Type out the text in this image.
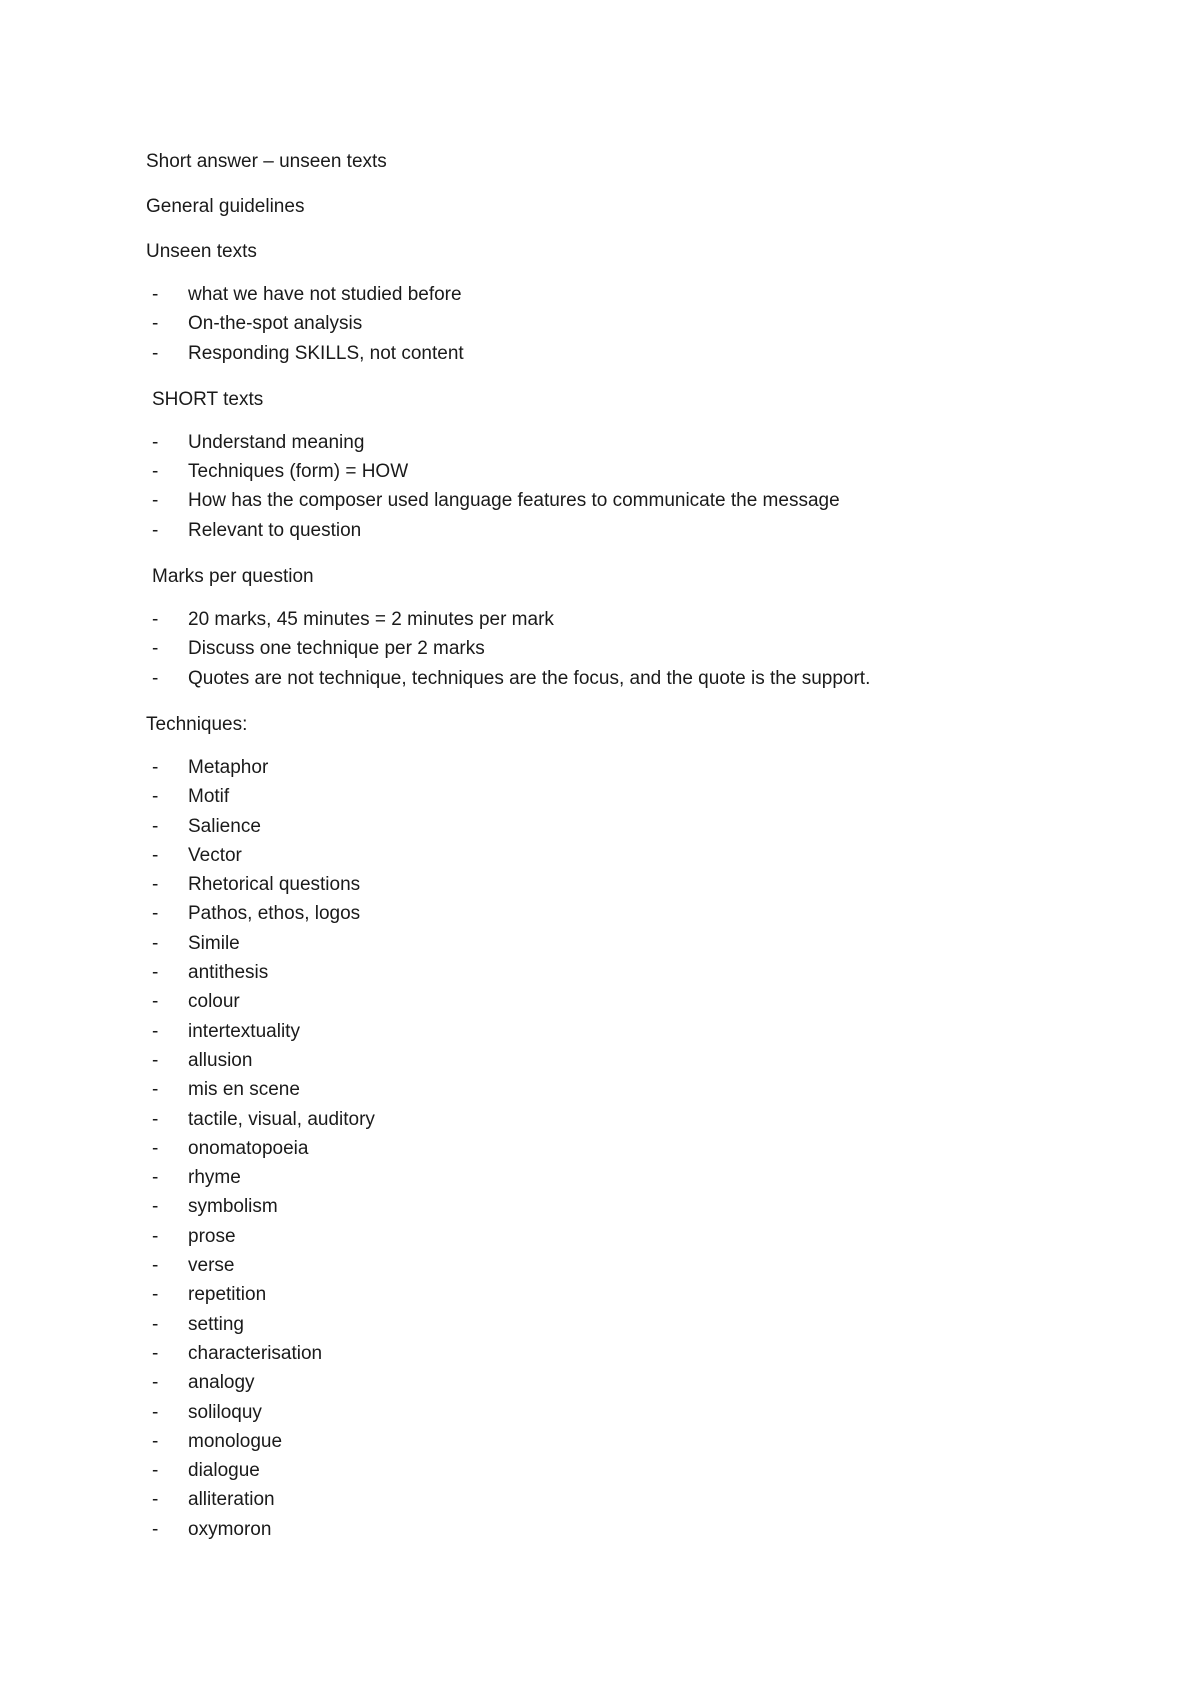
Short answer – unseen texts
General guidelines
Unseen texts
- what we have not studied before
- On-the-spot analysis
- Responding SKILLS, not content
SHORT texts
- Understand meaning
- Techniques (form) = HOW
- How has the composer used language features to communicate the message
- Relevant to question
Marks per question
- 20 marks, 45 minutes = 2 minutes per mark
- Discuss one technique per 2 marks
- Quotes are not technique, techniques are the focus, and the quote is the support.
Techniques:
- Metaphor
- Motif
- Salience
- Vector
- Rhetorical questions
- Pathos, ethos, logos
- Simile
- antithesis
- colour
- intertextuality
- allusion
- mis en scene
- tactile, visual, auditory
- onomatopoeia
- rhyme
- symbolism
- prose
- verse
- repetition
- setting
- characterisation
- analogy
- soliloquy
- monologue
- dialogue
- alliteration
- oxymoron
